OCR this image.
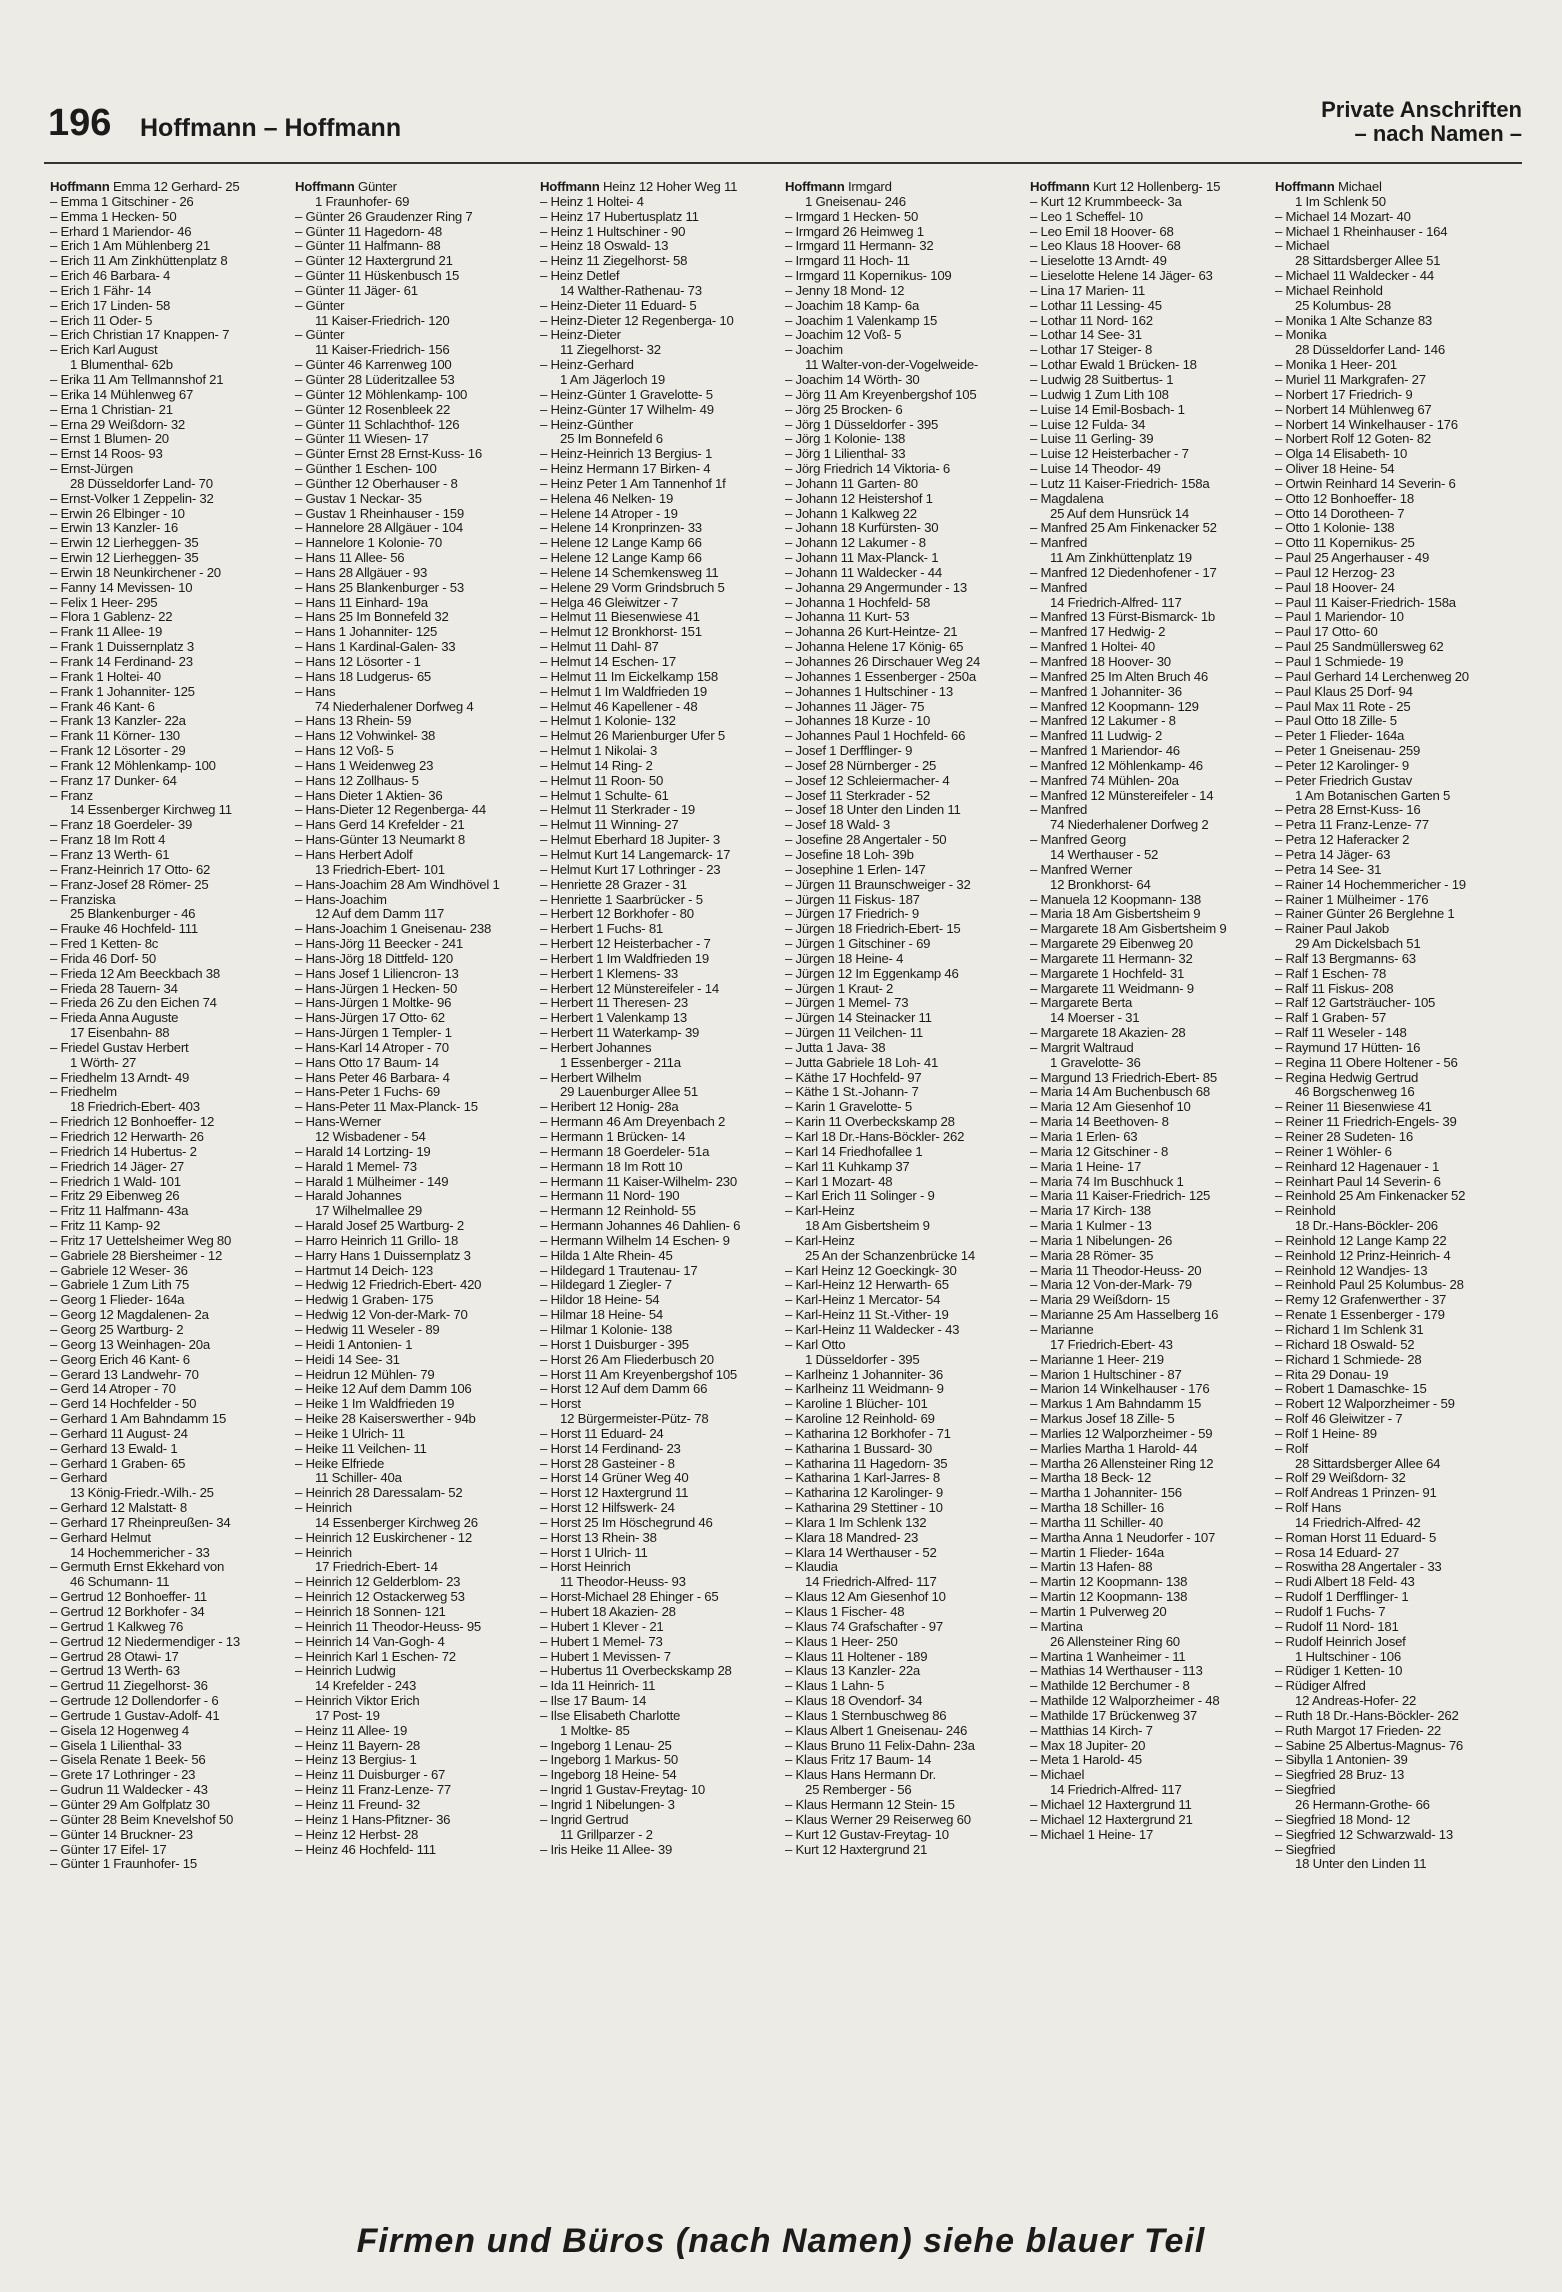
196 Hoffmann – Hoffmann
Private Anschriften
– nach Namen –
Hoffmann Emma 12 Gerhard- 25
– Emma 1 Gitschiner - 26
– Emma 1 Hecken- 50
– Erhard 1 Mariendor- 46
– Erich 1 Am Mühlenberg 21
– Erich 11 Am Zinkhüttenplatz 8
– Erich 46 Barbara- 4
– Erich 1 Fähr- 14
– Erich 17 Linden- 58
– Erich 11 Oder- 5
– Erich Christian 17 Knappen- 7
– Erich Karl August
1 Blumenthal- 62b
– Erika 11 Am Tellmannshof 21
– Erika 14 Mühlenweg 67
– Erna 1 Christian- 21
– Erna 29 Weißdorn- 32
– Ernst 1 Blumen- 20
– Ernst 14 Roos- 93
– Ernst-Jürgen
28 Düsseldorfer Land- 70
– Ernst-Volker 1 Zeppelin- 32
– Erwin 26 Elbinger - 10
– Erwin 13 Kanzler- 16
– Erwin 12 Lierheggen- 35
– Erwin 12 Lierheggen- 35
– Erwin 18 Neunkirchener - 20
– Fanny 14 Mevissen- 10
– Felix 1 Heer- 295
– Flora 1 Gablenz- 22
– Frank 11 Allee- 19
– Frank 1 Duissernplatz 3
– Frank 14 Ferdinand- 23
– Frank 1 Holtei- 40
– Frank 1 Johanniter- 125
– Frank 46 Kant- 6
– Frank 13 Kanzler- 22a
– Frank 11 Körner- 130
– Frank 12 Lösorter - 29
– Frank 12 Möhlenkamp- 100
– Franz 17 Dunker- 64
– Franz
14 Essenberger Kirchweg 11
– Franz 18 Goerdeler- 39
– Franz 18 Im Rott 4
– Franz 13 Werth- 61
– Franz-Heinrich 17 Otto- 62
– Franz-Josef 28 Römer- 25
– Franziska
25 Blankenburger - 46
– Frauke 46 Hochfeld- 111
– Fred 1 Ketten- 8c
– Frida 46 Dorf- 50
– Frieda 12 Am Beeckbach 38
– Frieda 28 Tauern- 34
– Frieda 26 Zu den Eichen 74
– Frieda Anna Auguste
17 Eisenbahn- 88
– Friedel Gustav Herbert
1 Wörth- 27
– Friedhelm 13 Arndt- 49
– Friedhelm
18 Friedrich-Ebert- 403
– Friedrich 12 Bonhoeffer- 12
– Friedrich 12 Herwarth- 26
– Friedrich 14 Hubertus- 2
– Friedrich 14 Jäger- 27
– Friedrich 1 Wald- 101
– Fritz 29 Eibenweg 26
– Fritz 11 Halfmann- 43a
– Fritz 11 Kamp- 92
– Fritz 17 Uettelsheimer Weg 80
– Gabriele 28 Biersheimer - 12
– Gabriele 12 Weser- 36
– Gabriele 1 Zum Lith 75
– Georg 1 Flieder- 164a
– Georg 12 Magdalenen- 2a
– Georg 25 Wartburg- 2
– Georg 13 Weinhagen- 20a
– Georg Erich 46 Kant- 6
– Gerard 13 Landwehr- 70
– Gerd 14 Atroper - 70
– Gerd 14 Hochfelder - 50
– Gerhard 1 Am Bahndamm 15
– Gerhard 11 August- 24
– Gerhard 13 Ewald- 1
– Gerhard 1 Graben- 65
– Gerhard
13 König-Friedr.-Wilh.- 25
– Gerhard 12 Malstatt- 8
– Gerhard 17 Rheinpreußen- 34
– Gerhard Helmut
14 Hochemmericher - 33
– Germuth Ernst Ekkehard von
46 Schumann- 11
– Gertrud 12 Bonhoeffer- 11
– Gertrud 12 Borkhofer - 34
– Gertrud 1 Kalkweg 76
– Gertrud 12 Niedermendiger - 13
– Gertrud 28 Otawi- 17
– Gertrud 13 Werth- 63
– Gertrud 11 Ziegelhorst- 36
– Gertrude 12 Dollendorfer - 6
– Gertrude 1 Gustav-Adolf- 41
– Gisela 12 Hogenweg 4
– Gisela 1 Lilienthal- 33
– Gisela Renate 1 Beek- 56
– Grete 17 Lothringer - 23
– Gudrun 11 Waldecker - 43
– Günter 29 Am Golfplatz 30
– Günter 28 Beim Knevelshof 50
– Günter 14 Bruckner- 23
– Günter 17 Eifel- 17
– Günter 1 Fraunhofer- 15
Hoffmann Günter
1 Fraunhofer- 69
– Günter 26 Graudenzer Ring 7
– Günter 11 Hagedorn- 48
– Günter 11 Halfmann- 88
– Günter 12 Haxtergrund 21
– Günter 11 Hüskenbusch 15
– Günter 11 Jäger- 61
– Günter
11 Kaiser-Friedrich- 120
– Günter
11 Kaiser-Friedrich- 156
– Günter 46 Karrenweg 100
– Günter 28 Lüderitzallee 53
– Günter 12 Möhlenkamp- 100
– Günter 12 Rosenbleek 22
– Günter 11 Schlachthof- 126
– Günter 11 Wiesen- 17
– Günter Ernst 28 Ernst-Kuss- 16
– Günther 1 Eschen- 100
– Günther 12 Oberhauser - 8
– Gustav 1 Neckar- 35
– Gustav 1 Rheinhauser - 159
– Hannelore 28 Allgäuer - 104
– Hannelore 1 Kolonie- 70
– Hans 11 Allee- 56
– Hans 28 Allgäuer - 93
– Hans 25 Blankenburger - 53
– Hans 11 Einhard- 19a
– Hans 25 Im Bonnefeld 32
– Hans 1 Johanniter- 125
– Hans 1 Kardinal-Galen- 33
– Hans 12 Lösorter - 1
– Hans 18 Ludgerus- 65
– Hans
74 Niederhalener Dorfweg 4
– Hans 13 Rhein- 59
– Hans 12 Vohwinkel- 38
– Hans 12 Voß- 5
– Hans 1 Weidenweg 23
– Hans 12 Zollhaus- 5
– Hans Dieter 1 Aktien- 36
– Hans-Dieter 12 Regenberga- 44
– Hans Gerd 14 Krefelder - 21
– Hans-Günter 13 Neumarkt 8
– Hans Herbert Adolf
13 Friedrich-Ebert- 101
– Hans-Joachim 28 Am Windhövel 1
– Hans-Joachim
12 Auf dem Damm 117
– Hans-Joachim 1 Gneisenau- 238
– Hans-Jörg 11 Beecker - 241
– Hans-Jörg 18 Dittfeld- 120
– Hans Josef 1 Liliencron- 13
– Hans-Jürgen 1 Hecken- 50
– Hans-Jürgen 1 Moltke- 96
– Hans-Jürgen 17 Otto- 62
– Hans-Jürgen 1 Templer- 1
– Hans-Karl 14 Atroper - 70
– Hans Otto 17 Baum- 14
– Hans Peter 46 Barbara- 4
– Hans-Peter 1 Fuchs- 69
– Hans-Peter 11 Max-Planck- 15
– Hans-Werner
12 Wisbadener - 54
– Harald 14 Lortzing- 19
– Harald 1 Memel- 73
– Harald 1 Mülheimer - 149
– Harald Johannes
17 Wilhelmallee 29
– Harald Josef 25 Wartburg- 2
– Harro Heinrich 11 Grillo- 18
– Harry Hans 1 Duissernplatz 3
– Hartmut 14 Deich- 123
– Hedwig 12 Friedrich-Ebert- 420
– Hedwig 1 Graben- 175
– Hedwig 12 Von-der-Mark- 70
– Hedwig 11 Weseler - 89
– Heidi 1 Antonien- 1
– Heidi 14 See- 31
– Heidrun 12 Mühlen- 79
– Heike 12 Auf dem Damm 106
– Heike 1 Im Waldfrieden 19
– Heike 28 Kaiserswerther - 94b
– Heike 1 Ulrich- 11
– Heike 11 Veilchen- 11
– Heike Elfriede
11 Schiller- 40a
– Heinrich 28 Daressalam- 52
– Heinrich
14 Essenberger Kirchweg 26
– Heinrich 12 Euskirchener - 12
– Heinrich
17 Friedrich-Ebert- 14
– Heinrich 12 Gelderblom- 23
– Heinrich 12 Ostackerweg 53
– Heinrich 18 Sonnen- 121
– Heinrich 11 Theodor-Heuss- 95
– Heinrich 14 Van-Gogh- 4
– Heinrich Karl 1 Eschen- 72
– Heinrich Ludwig
14 Krefelder - 243
– Heinrich Viktor Erich
17 Post- 19
– Heinz 11 Allee- 19
– Heinz 11 Bayern- 28
– Heinz 13 Bergius- 1
– Heinz 11 Duisburger - 67
– Heinz 11 Franz-Lenze- 77
– Heinz 11 Freund- 32
– Heinz 1 Hans-Pfitzner- 36
– Heinz 12 Herbst- 28
– Heinz 46 Hochfeld- 111
Hoffmann Heinz 12 Hoher Weg 11
– Heinz 1 Holtei- 4
– Heinz 17 Hubertusplatz 11
– Heinz 1 Hultschiner - 90
– Heinz 18 Oswald- 13
– Heinz 11 Ziegelhorst- 58
– Heinz Detlef
14 Walther-Rathenau- 73
– Heinz-Dieter 11 Eduard- 5
– Heinz-Dieter 12 Regenberga- 10
– Heinz-Dieter
11 Ziegelhorst- 32
– Heinz-Gerhard
1 Am Jägerloch 19
– Heinz-Günter 1 Gravelotte- 5
– Heinz-Günter 17 Wilhelm- 49
– Heinz-Günther
25 Im Bonnefeld 6
– Heinz-Heinrich 13 Bergius- 1
– Heinz Hermann 17 Birken- 4
– Heinz Peter 1 Am Tannenhof 1f
– Helena 46 Nelken- 19
– Helene 14 Atroper - 19
– Helene 14 Kronprinzen- 33
– Helene 12 Lange Kamp 66
– Helene 12 Lange Kamp 66
– Helene 14 Schemkensweg 11
– Helene 29 Vorm Grindsbruch 5
– Helga 46 Gleiwitzer - 7
– Helmut 11 Biesenwiese 41
– Helmut 12 Bronkhorst- 151
– Helmut 11 Dahl- 87
– Helmut 14 Eschen- 17
– Helmut 11 Im Eickelkamp 158
– Helmut 1 Im Waldfrieden 19
– Helmut 46 Kapellener - 48
– Helmut 1 Kolonie- 132
– Helmut 26 Marienburger Ufer 5
– Helmut 1 Nikolai- 3
– Helmut 14 Ring- 2
– Helmut 11 Roon- 50
– Helmut 1 Schulte- 61
– Helmut 11 Sterkrader - 19
– Helmut 11 Winning- 27
– Helmut Eberhard 18 Jupiter- 3
– Helmut Kurt 14 Langemarck- 17
– Helmut Kurt 17 Lothringer - 23
– Henriette 28 Grazer - 31
– Henriette 1 Saarbrücker - 5
– Herbert 12 Borkhofer - 80
– Herbert 1 Fuchs- 81
– Herbert 12 Heisterbacher - 7
– Herbert 1 Im Waldfrieden 19
– Herbert 1 Klemens- 33
– Herbert 12 Münstereifeler - 14
– Herbert 11 Theresen- 23
– Herbert 1 Valenkamp 13
– Herbert 11 Waterkamp- 39
– Herbert Johannes
1 Essenberger - 211a
– Herbert Wilhelm
29 Lauenburger Allee 51
– Heribert 12 Honig- 28a
– Hermann 46 Am Dreyenbach 2
– Hermann 1 Brücken- 14
– Hermann 18 Goerdeler- 51a
– Hermann 18 Im Rott 10
– Hermann 11 Kaiser-Wilhelm- 230
– Hermann 11 Nord- 190
– Hermann 12 Reinhold- 55
– Hermann Johannes 46 Dahlien- 6
– Hermann Wilhelm 14 Eschen- 9
– Hilda 1 Alte Rhein- 45
– Hildegard 1 Trautenau- 17
– Hildegard 1 Ziegler- 7
– Hildor 18 Heine- 54
– Hilmar 18 Heine- 54
– Hilmar 1 Kolonie- 138
– Horst 1 Duisburger - 395
– Horst 26 Am Fliederbusch 20
– Horst 11 Am Kreyenbergshof 105
– Horst 12 Auf dem Damm 66
– Horst
12 Bürgermeister-Pütz- 78
– Horst 11 Eduard- 24
– Horst 14 Ferdinand- 23
– Horst 28 Gasteiner - 8
– Horst 14 Grüner Weg 40
– Horst 12 Haxtergrund 11
– Horst 12 Hilfswerk- 24
– Horst 25 Im Höschegrund 46
– Horst 13 Rhein- 38
– Horst 1 Ulrich- 11
– Horst Heinrich
11 Theodor-Heuss- 93
– Horst-Michael 28 Ehinger - 65
– Hubert 18 Akazien- 28
– Hubert 1 Klever - 21
– Hubert 1 Memel- 73
– Hubert 1 Mevissen- 7
– Hubertus 11 Overbeckskamp 28
– Ida 11 Heinrich- 11
– Ilse 17 Baum- 14
– Ilse Elisabeth Charlotte
1 Moltke- 85
– Ingeborg 1 Lenau- 25
– Ingeborg 1 Markus- 50
– Ingeborg 18 Heine- 54
– Ingrid 1 Gustav-Freytag- 10
– Ingrid 1 Nibelungen- 3
– Ingrid Gertrud
11 Grillparzer - 2
– Iris Heike 11 Allee- 39
Hoffmann Irmgard
1 Gneisenau- 246
– Irmgard 1 Hecken- 50
– Irmgard 26 Heimweg 1
– Irmgard 11 Hermann- 32
– Irmgard 11 Hoch- 11
– Irmgard 11 Kopernikus- 109
– Jenny 18 Mond- 12
– Joachim 18 Kamp- 6a
– Joachim 1 Valenkamp 15
– Joachim 12 Voß- 5
– Joachim
11 Walter-von-der-Vogelweide-
– Joachim 14 Wörth- 30
– Jörg 11 Am Kreyenbergshof 105
– Jörg 25 Brocken- 6
– Jörg 1 Düsseldorfer - 395
– Jörg 1 Kolonie- 138
– Jörg 1 Lilienthal- 33
– Jörg Friedrich 14 Viktoria- 6
– Johann 11 Garten- 80
– Johann 12 Heistershof 1
– Johann 1 Kalkweg 22
– Johann 18 Kurfürsten- 30
– Johann 12 Lakumer - 8
– Johann 11 Max-Planck- 1
– Johann 11 Waldecker - 44
– Johanna 29 Angermunder - 13
– Johanna 1 Hochfeld- 58
– Johanna 11 Kurt- 53
– Johanna 26 Kurt-Heintze- 21
– Johanna Helene 17 König- 65
– Johannes 26 Dirschauer Weg 24
– Johannes 1 Essenberger - 250a
– Johannes 1 Hultschiner - 13
– Johannes 11 Jäger- 75
– Johannes 18 Kurze - 10
– Johannes Paul 1 Hochfeld- 66
– Josef 1 Derfflinger- 9
– Josef 28 Nürnberger - 25
– Josef 12 Schleiermacher- 4
– Josef 11 Sterkrader - 52
– Josef 18 Unter den Linden 11
– Josef 18 Wald- 3
– Josefine 28 Angertaler - 50
– Josefine 18 Loh- 39b
– Josephine 1 Erlen- 147
– Jürgen 11 Braunschweiger - 32
– Jürgen 11 Fiskus- 187
– Jürgen 17 Friedrich- 9
– Jürgen 18 Friedrich-Ebert- 15
– Jürgen 1 Gitschiner - 69
– Jürgen 18 Heine- 4
– Jürgen 12 Im Eggenkamp 46
– Jürgen 1 Kraut- 2
– Jürgen 1 Memel- 73
– Jürgen 14 Steinacker 11
– Jürgen 11 Veilchen- 11
– Jutta 1 Java- 38
– Jutta Gabriele 18 Loh- 41
– Käthe 17 Hochfeld- 97
– Käthe 1 St.-Johann- 7
– Karin 1 Gravelotte- 5
– Karin 11 Overbeckskamp 28
– Karl 18 Dr.-Hans-Böckler- 262
– Karl 14 Friedhofallee 1
– Karl 11 Kuhkamp 37
– Karl 1 Mozart- 48
– Karl Erich 11 Solinger - 9
– Karl-Heinz
18 Am Gisbertsheim 9
– Karl-Heinz
25 An der Schanzenbrücke 14
– Karl Heinz 12 Goeckingk- 30
– Karl-Heinz 12 Herwarth- 65
– Karl-Heinz 1 Mercator- 54
– Karl-Heinz 11 St.-Vither- 19
– Karl-Heinz 11 Waldecker - 43
– Karl Otto
1 Düsseldorfer - 395
– Karlheinz 1 Johanniter- 36
– Karlheinz 11 Weidmann- 9
– Karoline 1 Blücher- 101
– Karoline 12 Reinhold- 69
– Katharina 12 Borkhofer - 71
– Katharina 1 Bussard- 30
– Katharina 11 Hagedorn- 35
– Katharina 1 Karl-Jarres- 8
– Katharina 12 Karolinger- 9
– Katharina 29 Stettiner - 10
– Klara 1 Im Schlenk 132
– Klara 18 Mandred- 23
– Klara 14 Werthauser - 52
– Klaudia
14 Friedrich-Alfred- 117
– Klaus 12 Am Giesenhof 10
– Klaus 1 Fischer- 48
– Klaus 74 Grafschafter - 97
– Klaus 1 Heer- 250
– Klaus 11 Holtener - 189
– Klaus 13 Kanzler- 22a
– Klaus 1 Lahn- 5
– Klaus 18 Ovendorf- 34
– Klaus 1 Sternbuschweg 86
– Klaus Albert 1 Gneisenau- 246
– Klaus Bruno 11 Felix-Dahn- 23a
– Klaus Fritz 17 Baum- 14
– Klaus Hans Hermann Dr.
25 Remberger - 56
– Klaus Hermann 12 Stein- 15
– Klaus Werner 29 Reiserweg 60
– Kurt 12 Gustav-Freytag- 10
– Kurt 12 Haxtergrund 21
Hoffmann Kurt 12 Hollenberg- 15
– Kurt 12 Krummbeeck- 3a
– Leo 1 Scheffel- 10
– Leo Emil 18 Hoover- 68
– Leo Klaus 18 Hoover- 68
– Lieselotte 13 Arndt- 49
– Lieselotte Helene 14 Jäger- 63
– Lina 17 Marien- 11
– Lothar 11 Lessing- 45
– Lothar 11 Nord- 162
– Lothar 14 See- 31
– Lothar 17 Steiger- 8
– Lothar Ewald 1 Brücken- 18
– Ludwig 28 Suitbertus- 1
– Ludwig 1 Zum Lith 108
– Luise 14 Emil-Bosbach- 1
– Luise 12 Fulda- 34
– Luise 11 Gerling- 39
– Luise 12 Heisterbacher - 7
– Luise 14 Theodor- 49
– Lutz 11 Kaiser-Friedrich- 158a
– Magdalena
25 Auf dem Hunsrück 14
– Manfred 25 Am Finkenacker 52
– Manfred
11 Am Zinkhüttenplatz 19
– Manfred 12 Diedenhofener - 17
– Manfred
14 Friedrich-Alfred- 117
– Manfred 13 Fürst-Bismarck- 1b
– Manfred 17 Hedwig- 2
– Manfred 1 Holtei- 40
– Manfred 18 Hoover- 30
– Manfred 25 Im Alten Bruch 46
– Manfred 1 Johanniter- 36
– Manfred 12 Koopmann- 129
– Manfred 12 Lakumer - 8
– Manfred 11 Ludwig- 2
– Manfred 1 Mariendor- 46
– Manfred 12 Möhlenkamp- 46
– Manfred 74 Mühlen- 20a
– Manfred 12 Münstereifeler - 14
– Manfred
74 Niederhalener Dorfweg 2
– Manfred Georg
14 Werthauser - 52
– Manfred Werner
12 Bronkhorst- 64
– Manuela 12 Koopmann- 138
– Maria 18 Am Gisbertsheim 9
– Margarete 18 Am Gisbertsheim 9
– Margarete 29 Eibenweg 20
– Margarete 11 Hermann- 32
– Margarete 1 Hochfeld- 31
– Margarete 11 Weidmann- 9
– Margarete Berta
14 Moerser - 31
– Margarete 18 Akazien- 28
– Margrit Waltraud
1 Gravelotte- 36
– Margund 13 Friedrich-Ebert- 85
– Maria 14 Am Buchenbusch 68
– Maria 12 Am Giesenhof 10
– Maria 14 Beethoven- 8
– Maria 1 Erlen- 63
– Maria 12 Gitschiner - 8
– Maria 1 Heine- 17
– Maria 74 Im Buschhuck 1
– Maria 11 Kaiser-Friedrich- 125
– Maria 17 Kirch- 138
– Maria 1 Kulmer - 13
– Maria 1 Nibelungen- 26
– Maria 28 Römer- 35
– Maria 11 Theodor-Heuss- 20
– Maria 12 Von-der-Mark- 79
– Maria 29 Weißdorn- 15
– Marianne 25 Am Hasselberg 16
– Marianne
17 Friedrich-Ebert- 43
– Marianne 1 Heer- 219
– Marion 1 Hultschiner - 87
– Marion 14 Winkelhauser - 176
– Markus 1 Am Bahndamm 15
– Markus Josef 18 Zille- 5
– Marlies 12 Walporzheimer - 59
– Marlies Martha 1 Harold- 44
– Martha 26 Allensteiner Ring 12
– Martha 18 Beck- 12
– Martha 1 Johanniter- 156
– Martha 18 Schiller- 16
– Martha 11 Schiller- 40
– Martha Anna 1 Neudorfer - 107
– Martin 1 Flieder- 164a
– Martin 13 Hafen- 88
– Martin 12 Koopmann- 138
– Martin 12 Koopmann- 138
– Martin 1 Pulverweg 20
– Martina
26 Allensteiner Ring 60
– Martina 1 Wanheimer - 11
– Mathias 14 Werthauser - 113
– Mathilde 12 Berchumer - 8
– Mathilde 12 Walporzheimer - 48
– Mathilde 17 Brückenweg 37
– Matthias 14 Kirch- 7
– Max 18 Jupiter- 20
– Meta 1 Harold- 45
– Michael
14 Friedrich-Alfred- 117
– Michael 12 Haxtergrund 11
– Michael 12 Haxtergrund 21
– Michael 1 Heine- 17
Hoffmann Michael
1 Im Schlenk 50
– Michael 14 Mozart- 40
– Michael 1 Rheinhauser - 164
– Michael
28 Sittardsberger Allee 51
– Michael 11 Waldecker - 44
– Michael Reinhold
25 Kolumbus- 28
– Monika 1 Alte Schanze 83
– Monika
28 Düsseldorfer Land- 146
– Monika 1 Heer- 201
– Muriel 11 Markgrafen- 27
– Norbert 17 Friedrich- 9
– Norbert 14 Mühlenweg 67
– Norbert 14 Winkelhauser - 176
– Norbert Rolf 12 Goten- 82
– Olga 14 Elisabeth- 10
– Oliver 18 Heine- 54
– Ortwin Reinhard 14 Severin- 6
– Otto 12 Bonhoeffer- 18
– Otto 14 Dorotheen- 7
– Otto 1 Kolonie- 138
– Otto 11 Kopernikus- 25
– Paul 25 Angerhauser - 49
– Paul 12 Herzog- 23
– Paul 18 Hoover- 24
– Paul 11 Kaiser-Friedrich- 158a
– Paul 1 Mariendor- 10
– Paul 17 Otto- 60
– Paul 25 Sandmüllersweg 62
– Paul 1 Schmiede- 19
– Paul Gerhard 14 Lerchenweg 20
– Paul Klaus 25 Dorf- 94
– Paul Max 11 Rote - 25
– Paul Otto 18 Zille- 5
– Peter 1 Flieder- 164a
– Peter 1 Gneisenau- 259
– Peter 12 Karolinger- 9
– Peter Friedrich Gustav
1 Am Botanischen Garten 5
– Petra 28 Ernst-Kuss- 16
– Petra 11 Franz-Lenze- 77
– Petra 12 Haferacker 2
– Petra 14 Jäger- 63
– Petra 14 See- 31
– Rainer 14 Hochemmericher - 19
– Rainer 1 Mülheimer - 176
– Rainer Günter 26 Berglehne 1
– Rainer Paul Jakob
29 Am Dickelsbach 51
– Ralf 13 Bergmanns- 63
– Ralf 1 Eschen- 78
– Ralf 11 Fiskus- 208
– Ralf 12 Gartsträucher- 105
– Ralf 1 Graben- 57
– Ralf 11 Weseler - 148
– Raymund 17 Hütten- 16
– Regina 11 Obere Holtener - 56
– Regina Hedwig Gertrud
46 Borgschenweg 16
– Reiner 11 Biesenwiese 41
– Reiner 11 Friedrich-Engels- 39
– Reiner 28 Sudeten- 16
– Reiner 1 Wöhler- 6
– Reinhard 12 Hagenauer - 1
– Reinhart Paul 14 Severin- 6
– Reinhold 25 Am Finkenacker 52
– Reinhold
18 Dr.-Hans-Böckler- 206
– Reinhold 12 Lange Kamp 22
– Reinhold 12 Prinz-Heinrich- 4
– Reinhold 12 Wandjes- 13
– Reinhold Paul 25 Kolumbus- 28
– Remy 12 Grafenwerther - 37
– Renate 1 Essenberger - 179
– Richard 1 Im Schlenk 31
– Richard 18 Oswald- 52
– Richard 1 Schmiede- 28
– Rita 29 Donau- 19
– Robert 1 Damaschke- 15
– Robert 12 Walporzheimer - 59
– Rolf 46 Gleiwitzer - 7
– Rolf 1 Heine- 89
– Rolf
28 Sittardsberger Allee 64
– Rolf 29 Weißdorn- 32
– Rolf Andreas 1 Prinzen- 91
– Rolf Hans
14 Friedrich-Alfred- 42
– Roman Horst 11 Eduard- 5
– Rosa 14 Eduard- 27
– Roswitha 28 Angertaler - 33
– Rudi Albert 18 Feld- 43
– Rudolf 1 Derfflinger- 1
– Rudolf 1 Fuchs- 7
– Rudolf 11 Nord- 181
– Rudolf Heinrich Josef
1 Hultschiner - 106
– Rüdiger 1 Ketten- 10
– Rüdiger Alfred
12 Andreas-Hofer- 22
– Ruth 18 Dr.-Hans-Böckler- 262
– Ruth Margot 17 Frieden- 22
– Sabine 25 Albertus-Magnus- 76
– Sibylla 1 Antonien- 39
– Siegfried 28 Bruz- 13
– Siegfried
26 Hermann-Grothe- 66
– Siegfried 18 Mond- 12
– Siegfried 12 Schwarzwald- 13
– Siegfried
18 Unter den Linden 11
Firmen und Büros (nach Namen) siehe blauer Teil
